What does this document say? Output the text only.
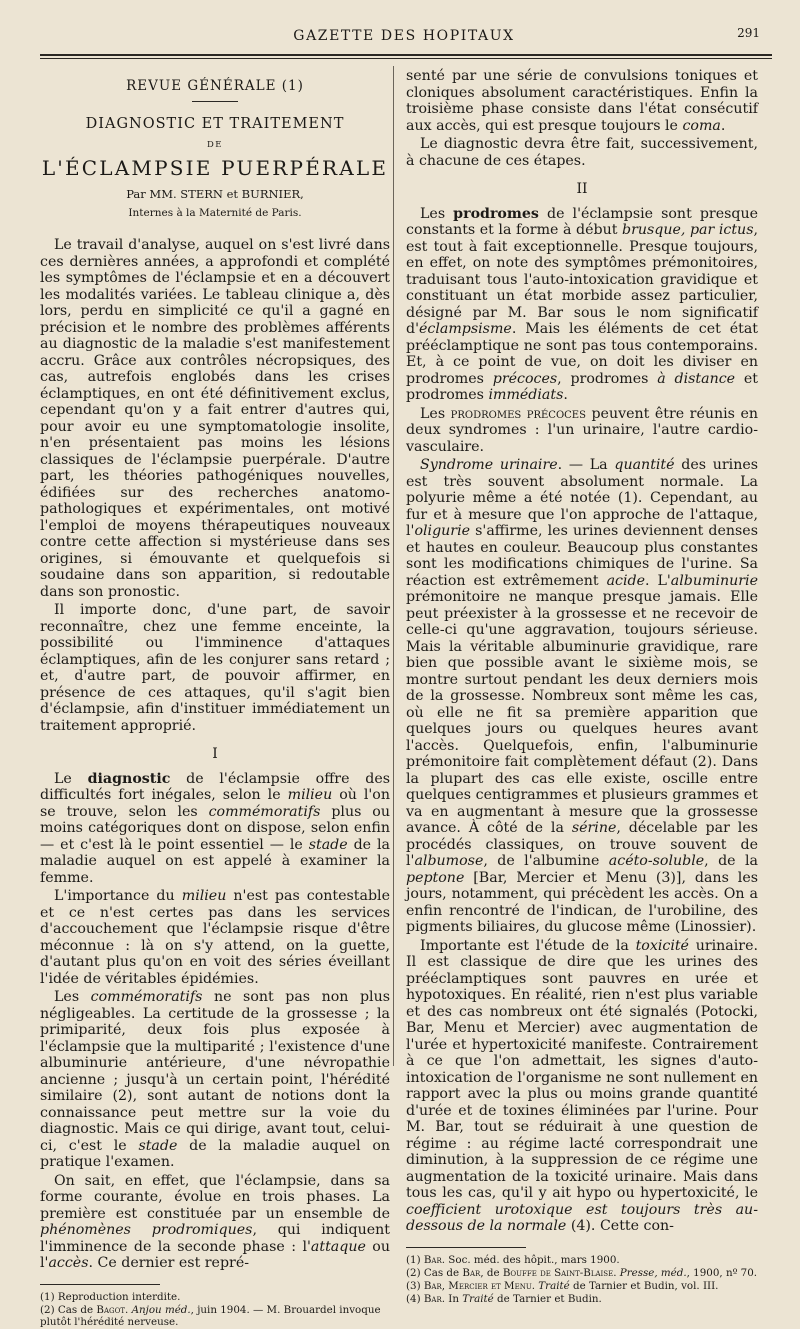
GAZETTE DES HOPITAUX	291
REVUE GÉNÉRALE (1)
DIAGNOSTIC ET TRAITEMENT
DE
L'ÉCLAMPSIE PUERPÉRALE
Par MM. STERN et BURNIER,
Internes à la Maternité de Paris.

Le travail d'analyse, auquel on s'est livré dans ces dernières années, a approfondi et complété les symptômes de l'éclampsie et en a découvert les modalités variées. Le tableau clinique a, dès lors, perdu en simplicité ce qu'il a gagné en précision et le nombre des problèmes afférents au diagnostic de la maladie s'est manifestement accru. Grâce aux contrôles nécropsiques, des cas, autrefois englobés dans les crises éclamptiques, en ont été définitivement exclus, cependant qu'on y a fait entrer d'autres qui, pour avoir eu une symptomatologie insolite, n'en présentaient pas moins les lésions classiques de l'éclampsie puerpérale. D'autre part, les théories pathogéniques nouvelles, édifiées sur des recherches anatomo-pathologiques et expérimentales, ont motivé l'emploi de moyens thérapeutiques nouveaux contre cette affection si mystérieuse dans ses origines, si émouvante et quelquefois si soudaine dans son apparition, si redoutable dans son pronostic.

Il importe donc, d'une part, de savoir reconnaître, chez une femme enceinte, la possibilité ou l'imminence d'attaques éclamptiques, afin de les conjurer sans retard ; et, d'autre part, de pouvoir affirmer, en présence de ces attaques, qu'il s'agit bien d'éclampsie, afin d'instituer immédiatement un traitement approprié.

I

Le diagnostic de l'éclampsie offre des difficultés fort inégales, selon le milieu où l'on se trouve, selon les commémoratifs plus ou moins catégoriques dont on dispose, selon enfin — et c'est là le point essentiel — le stade de la maladie auquel on est appelé à examiner la femme.

L'importance du milieu n'est pas contestable et ce n'est certes pas dans les services d'accouchement que l'éclampsie risque d'être méconnue : là on s'y attend, on la guette, d'autant plus qu'on en voit des séries éveillant l'idée de véritables épidémies.

Les commémoratifs ne sont pas non plus négligeables. La certitude de la grossesse ; la primiparité, deux fois plus exposée à l'éclampsie que la multiparité ; l'existence d'une albuminurie antérieure, d'une névropathie ancienne ; jusqu'à un certain point, l'hérédité similaire (2), sont autant de notions dont la connaissance peut mettre sur la voie du diagnostic. Mais ce qui dirige, avant tout, celui-ci, c'est le stade de la maladie auquel on pratique l'examen.

On sait, en effet, que l'éclampsie, dans sa forme courante, évolue en trois phases. La première est constituée par un ensemble de phénomènes prodromiques, qui indiquent l'imminence de la seconde phase : l'attaque ou l'accès. Ce dernier est repré-

(1) Reproduction interdite.

(2) Cas de Bagot. Anjou méd., juin 1904. — M. Brouardel invoque plutôt l'hérédité nerveuse.

senté par une série de convulsions toniques et cloniques absolument caractéristiques. Enfin la troisième phase consiste dans l'état consécutif aux accès, qui est presque toujours le coma.

Le diagnostic devra être fait, successivement, à chacune de ces étapes.

II

Les prodromes de l'éclampsie sont presque constants et la forme à début brusque, par ictus, est tout à fait exceptionnelle. Presque toujours, en effet, on note des symptômes prémonitoires, traduisant tous l'auto-intoxication gravidique et constituant un état morbide assez particulier, désigné par M. Bar sous le nom significatif d'éclampsisme. Mais les éléments de cet état prééclamptique ne sont pas tous contemporains. Et, à ce point de vue, on doit les diviser en prodromes précoces, prodromes à distance et prodromes immédiats.

Les prodromes précoces peuvent être réunis en deux syndromes : l'un urinaire, l'autre cardio-vasculaire.

Syndrome urinaire. — La quantité des urines est très souvent absolument normale. La polyurie même a été notée (1). Cependant, au fur et à mesure que l'on approche de l'attaque, l'oligurie s'affirme, les urines deviennent denses et hautes en couleur. Beaucoup plus constantes sont les modifications chimiques de l'urine. Sa réaction est extrêmement acide. L'albuminurie prémonitoire ne manque presque jamais. Elle peut préexister à la grossesse et ne recevoir de celle-ci qu'une aggravation, toujours sérieuse. Mais la véritable albuminurie gravidique, rare bien que possible avant le sixième mois, se montre surtout pendant les deux derniers mois de la grossesse. Nombreux sont même les cas, où elle ne fit sa première apparition que quelques jours ou quelques heures avant l'accès. Quelquefois, enfin, l'albuminurie prémonitoire fait complètement défaut (2). Dans la plupart des cas elle existe, oscille entre quelques centigrammes et plusieurs grammes et va en augmentant à mesure que la grossesse avance. À côté de la sérine, décelable par les procédés classiques, on trouve souvent de l'albumose, de l'albumine acéto-soluble, de la peptone [Bar, Mercier et Menu (3)], dans les jours, notamment, qui précèdent les accès. On a enfin rencontré de l'indican, de l'urobiline, des pigments biliaires, du glucose même (Linossier).

Importante est l'étude de la toxicité urinaire. Il est classique de dire que les urines des prééclamptiques sont pauvres en urée et hypotoxiques. En réalité, rien n'est plus variable et des cas nombreux ont été signalés (Potocki, Bar, Menu et Mercier) avec augmentation de l'urée et hypertoxicité manifeste. Contrairement à ce que l'on admettait, les signes d'auto-intoxication de l'organisme ne sont nullement en rapport avec la plus ou moins grande quantité d'urée et de toxines éliminées par l'urine. Pour M. Bar, tout se réduirait à une question de régime : au régime lacté correspondrait une diminution, à la suppression de ce régime une augmentation de la toxicité urinaire. Mais dans tous les cas, qu'il y ait hypo ou hypertoxicité, le coefficient urotoxique est toujours très au-dessous de la normale (4). Cette con-

(1) Bar. Soc. méd. des hôpit., mars 1900.

(2) Cas de Bar, de Bouffe de Saint-Blaise. Presse, méd., 1900, nº 70.

(3) Bar, Mercier et Menu. Traité de Tarnier et Budin, vol. III.

(4) Bar. In Traité de Tarnier et Budin.
